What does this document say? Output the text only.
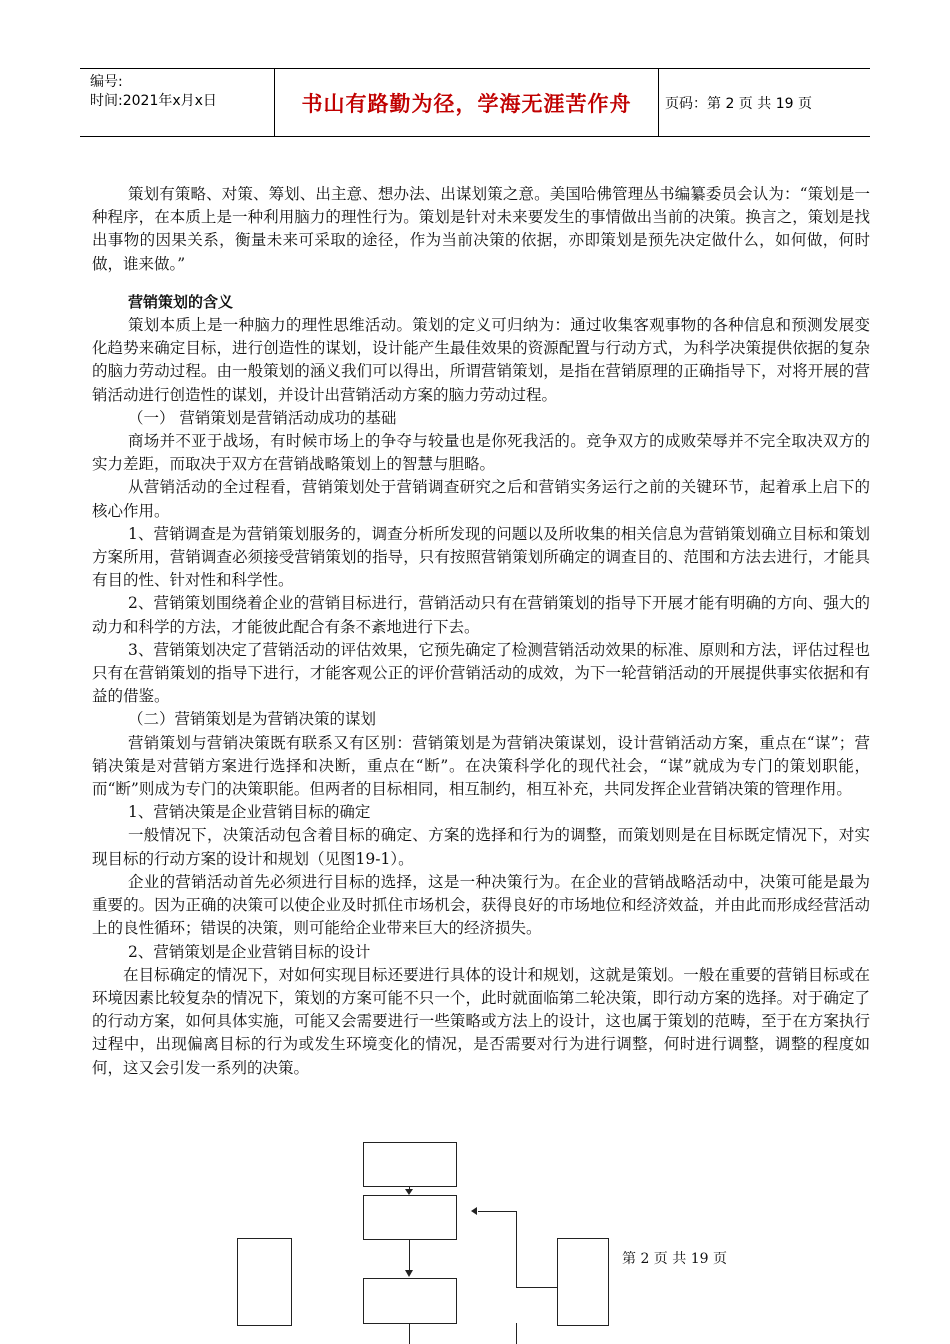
编号:
时间:2021年x月x日	书山有路勤为径，学海无涯苦作舟	页码：第 2 页 共 19 页

策划有策略、对策、筹划、出主意、想办法、出谋划策之意。美国哈佛管理丛书编纂委员会认为：“策划是一种程序，在本质上是一种利用脑力的理性行为。策划是针对未来要发生的事情做出当前的决策。换言之，策划是找出事物的因果关系，衡量未来可采取的途径，作为当前决策的依据，亦即策划是预先决定做什么，如何做，何时做，谁来做。”

营销策划的含义

策划本质上是一种脑力的理性思维活动。策划的定义可归纳为：通过收集客观事物的各种信息和预测发展变化趋势来确定目标，进行创造性的谋划，设计能产生最佳效果的资源配置与行动方式，为科学决策提供依据的复杂的脑力劳动过程。由一般策划的涵义我们可以得出，所谓营销策划，是指在营销原理的正确指导下，对将开展的营销活动进行创造性的谋划，并设计出营销活动方案的脑力劳动过程。

（一） 营销策划是营销活动成功的基础

商场并不亚于战场，有时候市场上的争夺与较量也是你死我活的。竞争双方的成败荣辱并不完全取决双方的实力差距，而取决于双方在营销战略策划上的智慧与胆略。

从营销活动的全过程看，营销策划处于营销调查研究之后和营销实务运行之前的关键环节，起着承上启下的核心作用。

1、营销调查是为营销策划服务的，调查分析所发现的问题以及所收集的相关信息为营销策划确立目标和策划方案所用，营销调查必须接受营销策划的指导，只有按照营销策划所确定的调查目的、范围和方法去进行，才能具有目的性、针对性和科学性。

2、营销策划围绕着企业的营销目标进行，营销活动只有在营销策划的指导下开展才能有明确的方向、强大的动力和科学的方法，才能彼此配合有条不紊地进行下去。

3、营销策划决定了营销活动的评估效果，它预先确定了检测营销活动效果的标准、原则和方法，评估过程也只有在营销策划的指导下进行，才能客观公正的评价营销活动的成效，为下一轮营销活动的开展提供事实依据和有益的借鉴。

（二）营销策划是为营销决策的谋划

营销策划与营销决策既有联系又有区别：营销策划是为营销决策谋划，设计营销活动方案，重点在“谋”；营销决策是对营销方案进行选择和决断，重点在“断”。在决策科学化的现代社会，“谋”就成为专门的策划职能，而“断”则成为专门的决策职能。但两者的目标相同，相互制约，相互补充，共同发挥企业营销决策的管理作用。

1、营销决策是企业营销目标的确定

一般情况下，决策活动包含着目标的确定、方案的选择和行为的调整，而策划则是在目标既定情况下，对实现目标的行动方案的设计和规划（见图19-1）。

企业的营销活动首先必须进行目标的选择，这是一种决策行为。在企业的营销战略活动中，决策可能是最为重要的。因为正确的决策可以使企业及时抓住市场机会，获得良好的市场地位和经济效益，并由此而形成经营活动上的良性循环；错误的决策，则可能给企业带来巨大的经济损失。

2、营销策划是企业营销目标的设计

在目标确定的情况下，对如何实现目标还要进行具体的设计和规划，这就是策划。一般在重要的营销目标或在环境因素比较复杂的情况下，策划的方案可能不只一个，此时就面临第二轮决策，即行动方案的选择。对于确定了的行动方案，如何具体实施，可能又会需要进行一些策略或方法上的设计，这也属于策划的范畴，至于在方案执行过程中，出现偏离目标的行为或发生环境变化的情况，是否需要对行为进行调整，何时进行调整，调整的程度如何，这又会引发一系列的决策。

第 2 页 共 19 页
